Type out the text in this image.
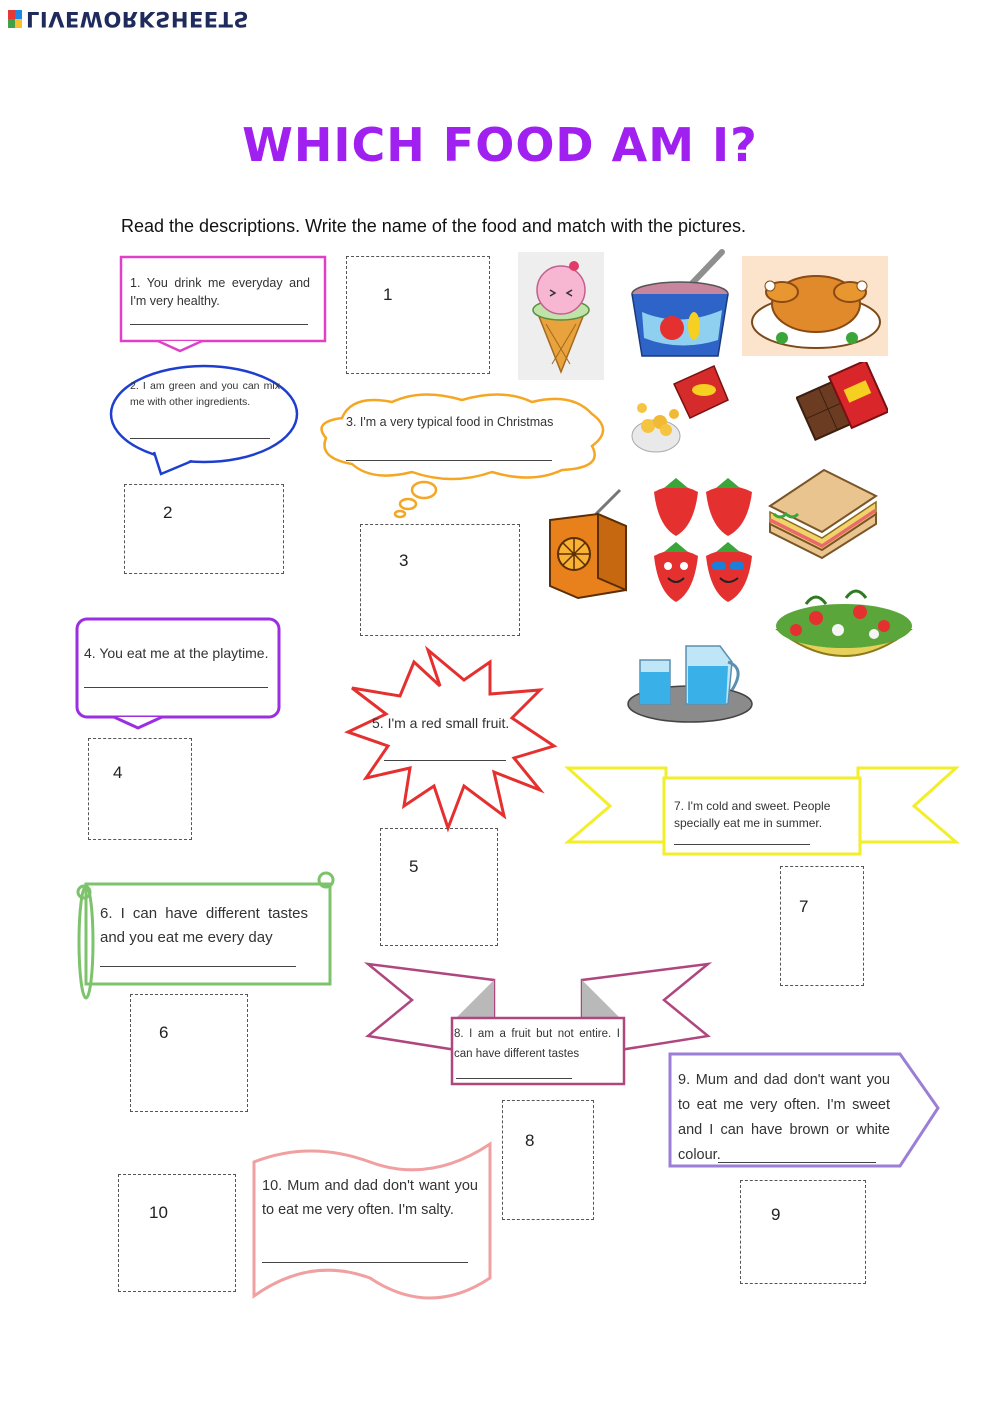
LIVEWORKSHEETS
WHICH FOOD AM I?
Read the descriptions. Write the name of the food and match with the pictures.
1. You drink me everyday and I'm very healthy.
2. I am green and you can mix me with other ingredients.
3. I'm a very typical food in Christmas
4. You eat me at the playtime.
5. I'm a red small fruit.
6. I can have different tastes and you eat me every day
7. I'm cold and sweet. People specially eat me in summer.
8. I am a fruit but not entire. I can have different tastes
9. Mum and dad don't want you to eat me very often. I'm sweet and I can have brown or white colour.
10. Mum and dad don't want you to eat me very often. I'm salty.
1
2
3
4
5
6
7
8
9
10
